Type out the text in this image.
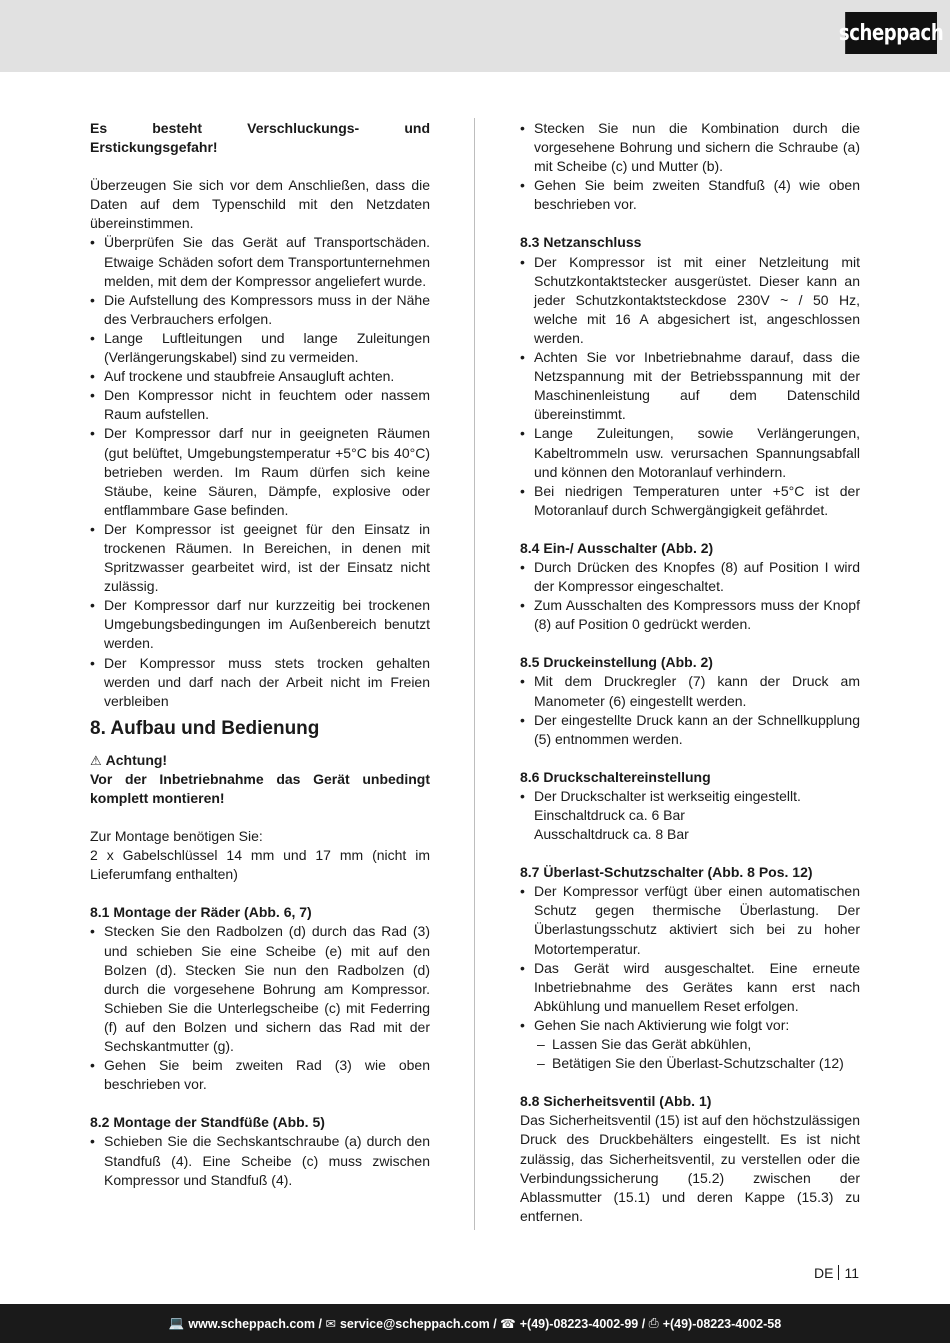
scheppach

Es besteht Verschluckungs- und Erstickungsgefahr!

Überzeugen Sie sich vor dem Anschließen, dass die Daten auf dem Typenschild mit den Netzdaten übereinstimmen.

• Überprüfen Sie das Gerät auf Transportschäden. Etwaige Schäden sofort dem Transportunternehmen melden, mit dem der Kompressor angeliefert wurde.
• Die Aufstellung des Kompressors muss in der Nähe des Verbrauchers erfolgen.
• Lange Luftleitungen und lange Zuleitungen (Verlängerungskabel) sind zu vermeiden.
• Auf trockene und staubfreie Ansaugluft achten.
• Den Kompressor nicht in feuchtem oder nassem Raum aufstellen.
• Der Kompressor darf nur in geeigneten Räumen (gut belüftet, Umgebungstemperatur +5°C bis 40°C) betrieben werden. Im Raum dürfen sich keine Stäube, keine Säuren, Dämpfe, explosive oder entflammbare Gase befinden.
• Der Kompressor ist geeignet für den Einsatz in trockenen Räumen. In Bereichen, in denen mit Spritzwasser gearbeitet wird, ist der Einsatz nicht zulässig.
• Der Kompressor darf nur kurzzeitig bei trockenen Umgebungsbedingungen im Außenbereich benutzt werden.
• Der Kompressor muss stets trocken gehalten werden und darf nach der Arbeit nicht im Freien verbleiben
8. Aufbau und Bedienung

⚠ Achtung!

Vor der Inbetriebnahme das Gerät unbedingt komplett montieren!

Zur Montage benötigen Sie:

2 x Gabelschlüssel 14 mm und 17 mm (nicht im Lieferumfang enthalten)

8.1 Montage der Räder (Abb. 6, 7)

• Stecken Sie den Radbolzen (d) durch das Rad (3) und schieben Sie eine Scheibe (e) mit auf den Bolzen (d). Stecken Sie nun den Radbolzen (d) durch die vorgesehene Bohrung am Kompressor. Schieben Sie die Unterlegscheibe (c) mit Federring (f) auf den Bolzen und sichern das Rad mit der Sechskantmutter (g).
• Gehen Sie beim zweiten Rad (3) wie oben beschrieben vor.

8.2 Montage der Standfüße (Abb. 5)

• Schieben Sie die Sechskantschraube (a) durch den Standfuß (4). Eine Scheibe (c) muss zwischen Kompressor und Standfuß (4).
• Stecken Sie nun die Kombination durch die vorgesehene Bohrung und sichern die Schraube (a) mit Scheibe (c) und Mutter (b).
• Gehen Sie beim zweiten Standfuß (4) wie oben beschrieben vor.

8.3 Netzanschluss

• Der Kompressor ist mit einer Netzleitung mit Schutzkontaktstecker ausgerüstet. Dieser kann an jeder Schutzkontaktsteckdose 230V ~ / 50 Hz, welche mit 16 A abgesichert ist, angeschlossen werden.
• Achten Sie vor Inbetriebnahme darauf, dass die Netzspannung mit der Betriebsspannung mit der Maschinenleistung auf dem Datenschild übereinstimmt.
• Lange Zuleitungen, sowie Verlängerungen, Kabeltrommeln usw. verursachen Spannungsabfall und können den Motoranlauf verhindern.
• Bei niedrigen Temperaturen unter +5°C ist der Motoranlauf durch Schwergängigkeit gefährdet.

8.4 Ein-/ Ausschalter (Abb. 2)

• Durch Drücken des Knopfes (8) auf Position I wird der Kompressor eingeschaltet.
• Zum Ausschalten des Kompressors muss der Knopf (8) auf Position 0 gedrückt werden.

8.5 Druckeinstellung (Abb. 2)

• Mit dem Druckregler (7) kann der Druck am Manometer (6) eingestellt werden.
• Der eingestellte Druck kann an der Schnellkupplung (5) entnommen werden.

8.6 Druckschaltereinstellung

• Der Druckschalter ist werkseitig eingestellt.
Einschaltdruck ca. 6 Bar
Ausschaltdruck ca. 8 Bar

8.7 Überlast-Schutzschalter (Abb. 8 Pos. 12)

• Der Kompressor verfügt über einen automatischen Schutz gegen thermische Überlastung. Der Überlastungsschutz aktiviert sich bei zu hoher Motortemperatur.
• Das Gerät wird ausgeschaltet. Eine erneute Inbetriebnahme des Gerätes kann erst nach Abkühlung und manuellem Reset erfolgen.
• Gehen Sie nach Aktivierung wie folgt vor:
– Lassen Sie das Gerät abkühlen,
– Betätigen Sie den Überlast-Schutzschalter (12)

8.8 Sicherheitsventil (Abb. 1)

Das Sicherheitsventil (15) ist auf den höchstzulässigen Druck des Druckbehälters eingestellt. Es ist nicht zulässig, das Sicherheitsventil, zu verstellen oder die Verbindungssicherung (15.2) zwischen der Ablassmutter (15.1) und deren Kappe (15.3) zu entfernen.

DE 11
💻 www.scheppach.com /
✉ service@scheppach.com /
☎ +(49)-08223-4002-99 /
⎙ +(49)-08223-4002-58
